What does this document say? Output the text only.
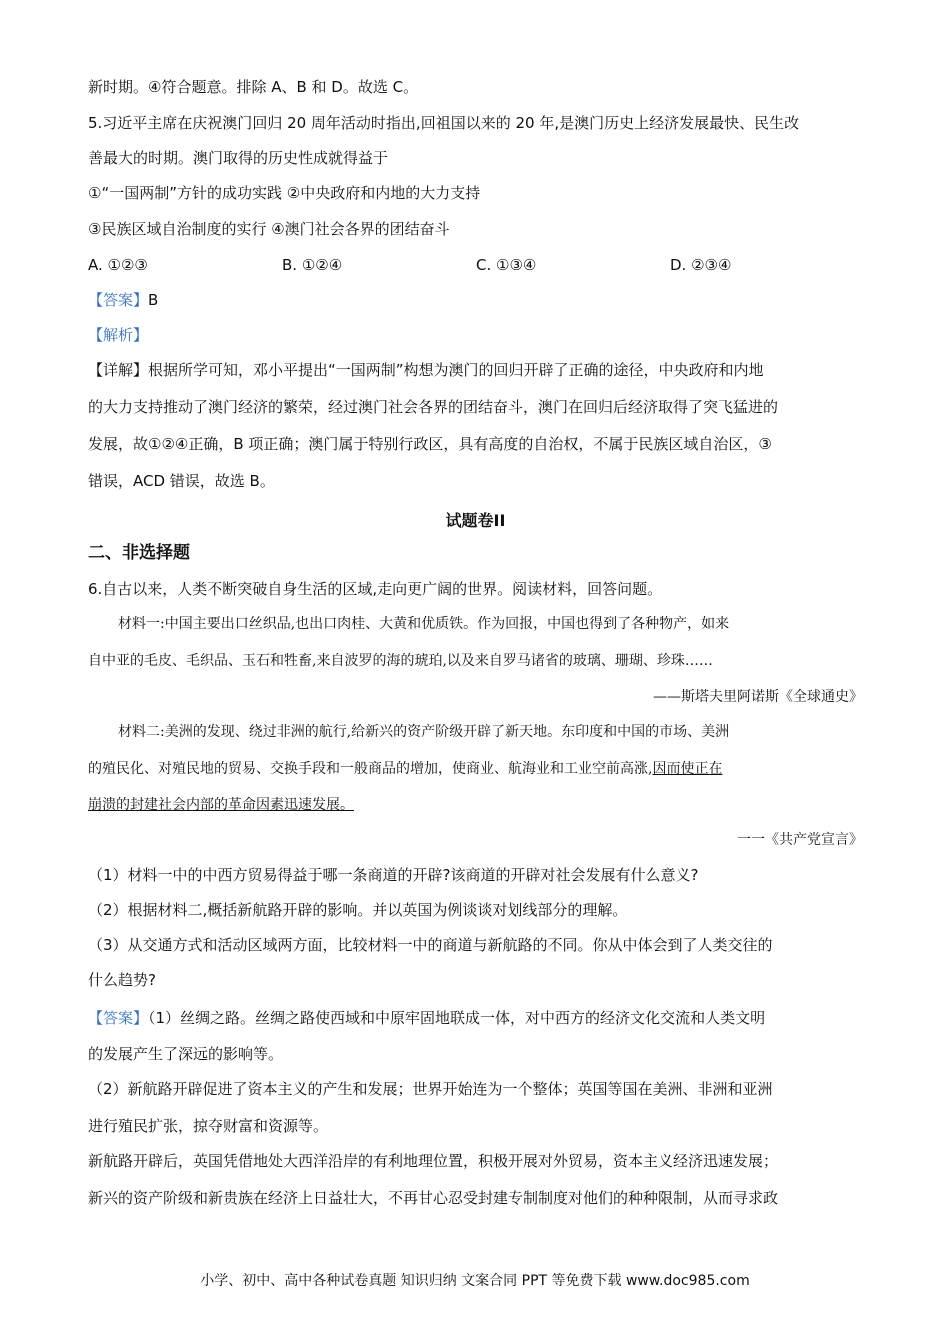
新时期。④符合题意。排除 A、B 和 D。故选 C。
5.习近平主席在庆祝澳门回归 20 周年活动时指出,回祖国以来的 20 年,是澳门历史上经济发展最快、民生改
善最大的时期。澳门取得的历史性成就得益于
①“一国两制”方针的成功实践 ②中央政府和内地的大力支持
③民族区域自治制度的实行 ④澳门社会各界的团结奋斗
A. ①②③	B. ①②④	C. ①③④	D. ②③④
【答案】B
【解析】
【详解】根据所学可知，邓小平提出“一国两制”构想为澳门的回归开辟了正确的途径，中央政府和内地
的大力支持推动了澳门经济的繁荣，经过澳门社会各界的团结奋斗，澳门在回归后经济取得了突飞猛进的
发展，故①②④正确，B 项正确；澳门属于特别行政区，具有高度的自治权，不属于民族区域自治区，③
错误，ACD 错误，故选 B。
试题卷II
二、非选择题
6.自古以来，人类不断突破自身生活的区域,走向更广阔的世界。阅读材料，回答问题。
材料一:中国主要出口丝织品,也出口肉桂、大黄和优质铁。作为回报，中国也得到了各种物产，如来
自中亚的毛皮、毛织品、玉石和牲畜,来自波罗的海的琥珀,以及来自罗马诸省的玻璃、珊瑚、珍珠……
——斯塔夫里阿诺斯《全球通史》
材料二:美洲的发现、绕过非洲的航行,给新兴的资产阶级开辟了新天地。东印度和中国的市场、美洲
的殖民化、对殖民地的贸易、交换手段和一般商品的增加，使商业、航海业和工业空前高涨,因而使正在
崩溃的封建社会内部的革命因素迅速发展。
一一《共产党宣言》
（1）材料一中的中西方贸易得益于哪一条商道的开辟?该商道的开辟对社会发展有什么意义?
（2）根据材料二,概括新航路开辟的影响。并以英国为例谈谈对划线部分的理解。
（3）从交通方式和活动区域两方面，比较材料一中的商道与新航路的不同。你从中体会到了人类交往的
什么趋势?
【答案】（1）丝绸之路。丝绸之路使西域和中原牢固地联成一体，对中西方的经济文化交流和人类文明
的发展产生了深远的影响等。
（2）新航路开辟促进了资本主义的产生和发展；世界开始连为一个整体；英国等国在美洲、非洲和亚洲
进行殖民扩张，掠夺财富和资源等。
新航路开辟后，英国凭借地处大西洋沿岸的有利地理位置，积极开展对外贸易，资本主义经济迅速发展；
新兴的资产阶级和新贵族在经济上日益壮大，不再甘心忍受封建专制制度对他们的种种限制，从而寻求政
小学、初中、高中各种试卷真题 知识归纳 文案合同 PPT 等免费下载 www.doc985.com
